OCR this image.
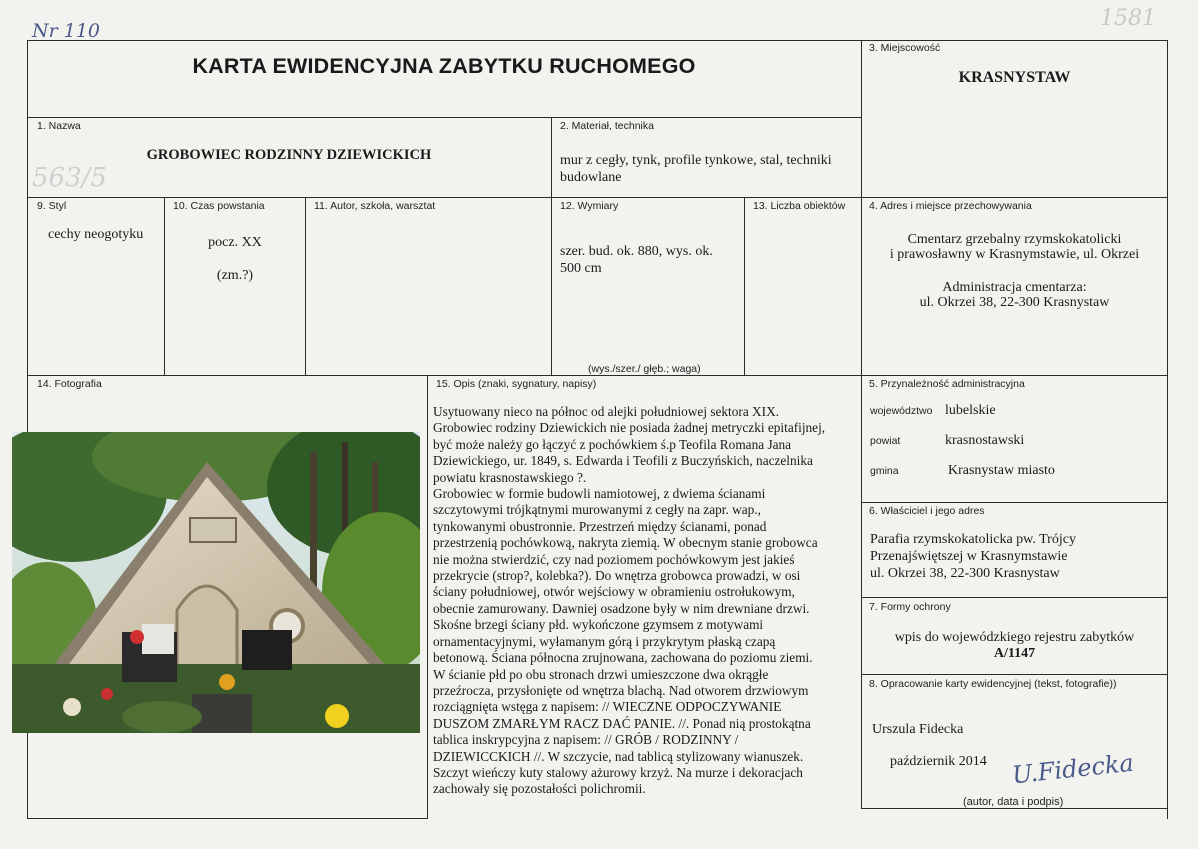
Nr 110	1581
563/5
KARTA EWIDENCYJNA ZABYTKU RUCHOMEGO
3. Miejscowość
KRASNYSTAW
1. Nazwa
GROBOWIEC RODZINNY DZIEWICKICH
2. Materiał, technika
mur z cegły, tynk, profile tynkowe, stal, techniki budowlane
9. Styl
cechy neogotyku
10. Czas powstania
pocz. XX
(zm.?)
11. Autor, szkoła, warsztat	12. Wymiary
szer. bud. ok. 880, wys. ok. 500 cm
(wys./szer./ głęb.; waga)
13. Liczba obiektów 4. Adres i miejsce przechowywania
Cmentarz grzebalny rzymskokatolicki
i prawosławny w Krasnymstawie, ul. Okrzei
Administracja cmentarza:
ul. Okrzei 38, 22-300 Krasnystaw
14. Fotografia	15. Opis (znaki, sygnatury, napisy)

Usytuowany nieco na północ od alejki południowej sektora XIX.

Grobowiec rodziny Dziewickich nie posiada żadnej metryczki epitafijnej,

być może należy go łączyć z pochówkiem ś.p Teofila Romana Jana

Dziewickiego, ur. 1849, s. Edwarda i Teofili z Buczyńskich, naczelnika

powiatu krasnostawskiego ?.

Grobowiec w formie budowli namiotowej, z dwiema ścianami

szczytowymi trójkątnymi murowanymi z cegły na zapr. wap.,

tynkowanymi obustronnie. Przestrzeń między ścianami, ponad

przestrzenią pochówkową, nakryta ziemią. W obecnym stanie grobowca

nie można stwierdzić, czy nad poziomem pochówkowym jest jakieś

przekrycie (strop?, kolebka?). Do wnętrza grobowca prowadzi, w osi

ściany południowej, otwór wejściowy w obramieniu ostrołukowym,

obecnie zamurowany. Dawniej osadzone były w nim drewniane drzwi.

Skośne brzegi ściany płd. wykończone gzymsem z motywami

ornamentacyjnymi, wyłamanym górą i przykrytym płaską czapą

betonową. Ściana północna zrujnowana, zachowana do poziomu ziemi.

W ścianie płd po obu stronach drzwi umieszczone dwa okrągłe

przeźrocza, przysłonięte od wnętrza blachą. Nad otworem drzwiowym

rozciągnięta wstęga z napisem: // WIECZNE ODPOCZYWANIE

DUSZOM ZMARŁYM RACZ DAĆ PANIE. //. Ponad nią prostokątna

tablica inskrypcyjna z napisem: // GRÓB / RODZINNY /

DZIEWICCKICH //. W szczycie, nad tablicą stylizowany wianuszek.

Szczyt wieńczy kuty stalowy ażurowy krzyż. Na murze i dekoracjach

zachowały się pozostałości polichromii.

5. Przynależność administracyjna
województwo lubelskie
powiat	krasnostawski
gmina	Krasnystaw miasto
6. Właściciel i jego adres
Parafia rzymskokatolicka pw. Trójcy
Przenajświętszej w Krasnymstawie
ul. Okrzei 38, 22-300 Krasnystaw
7. Formy ochrony
wpis do wojewódzkiego rejestru zabytków
A/1147
8. Opracowanie karty ewidencyjnej (tekst, fotografie))
Urszula Fidecka
październik 2014 U.Fidecka
(autor, data i podpis)
